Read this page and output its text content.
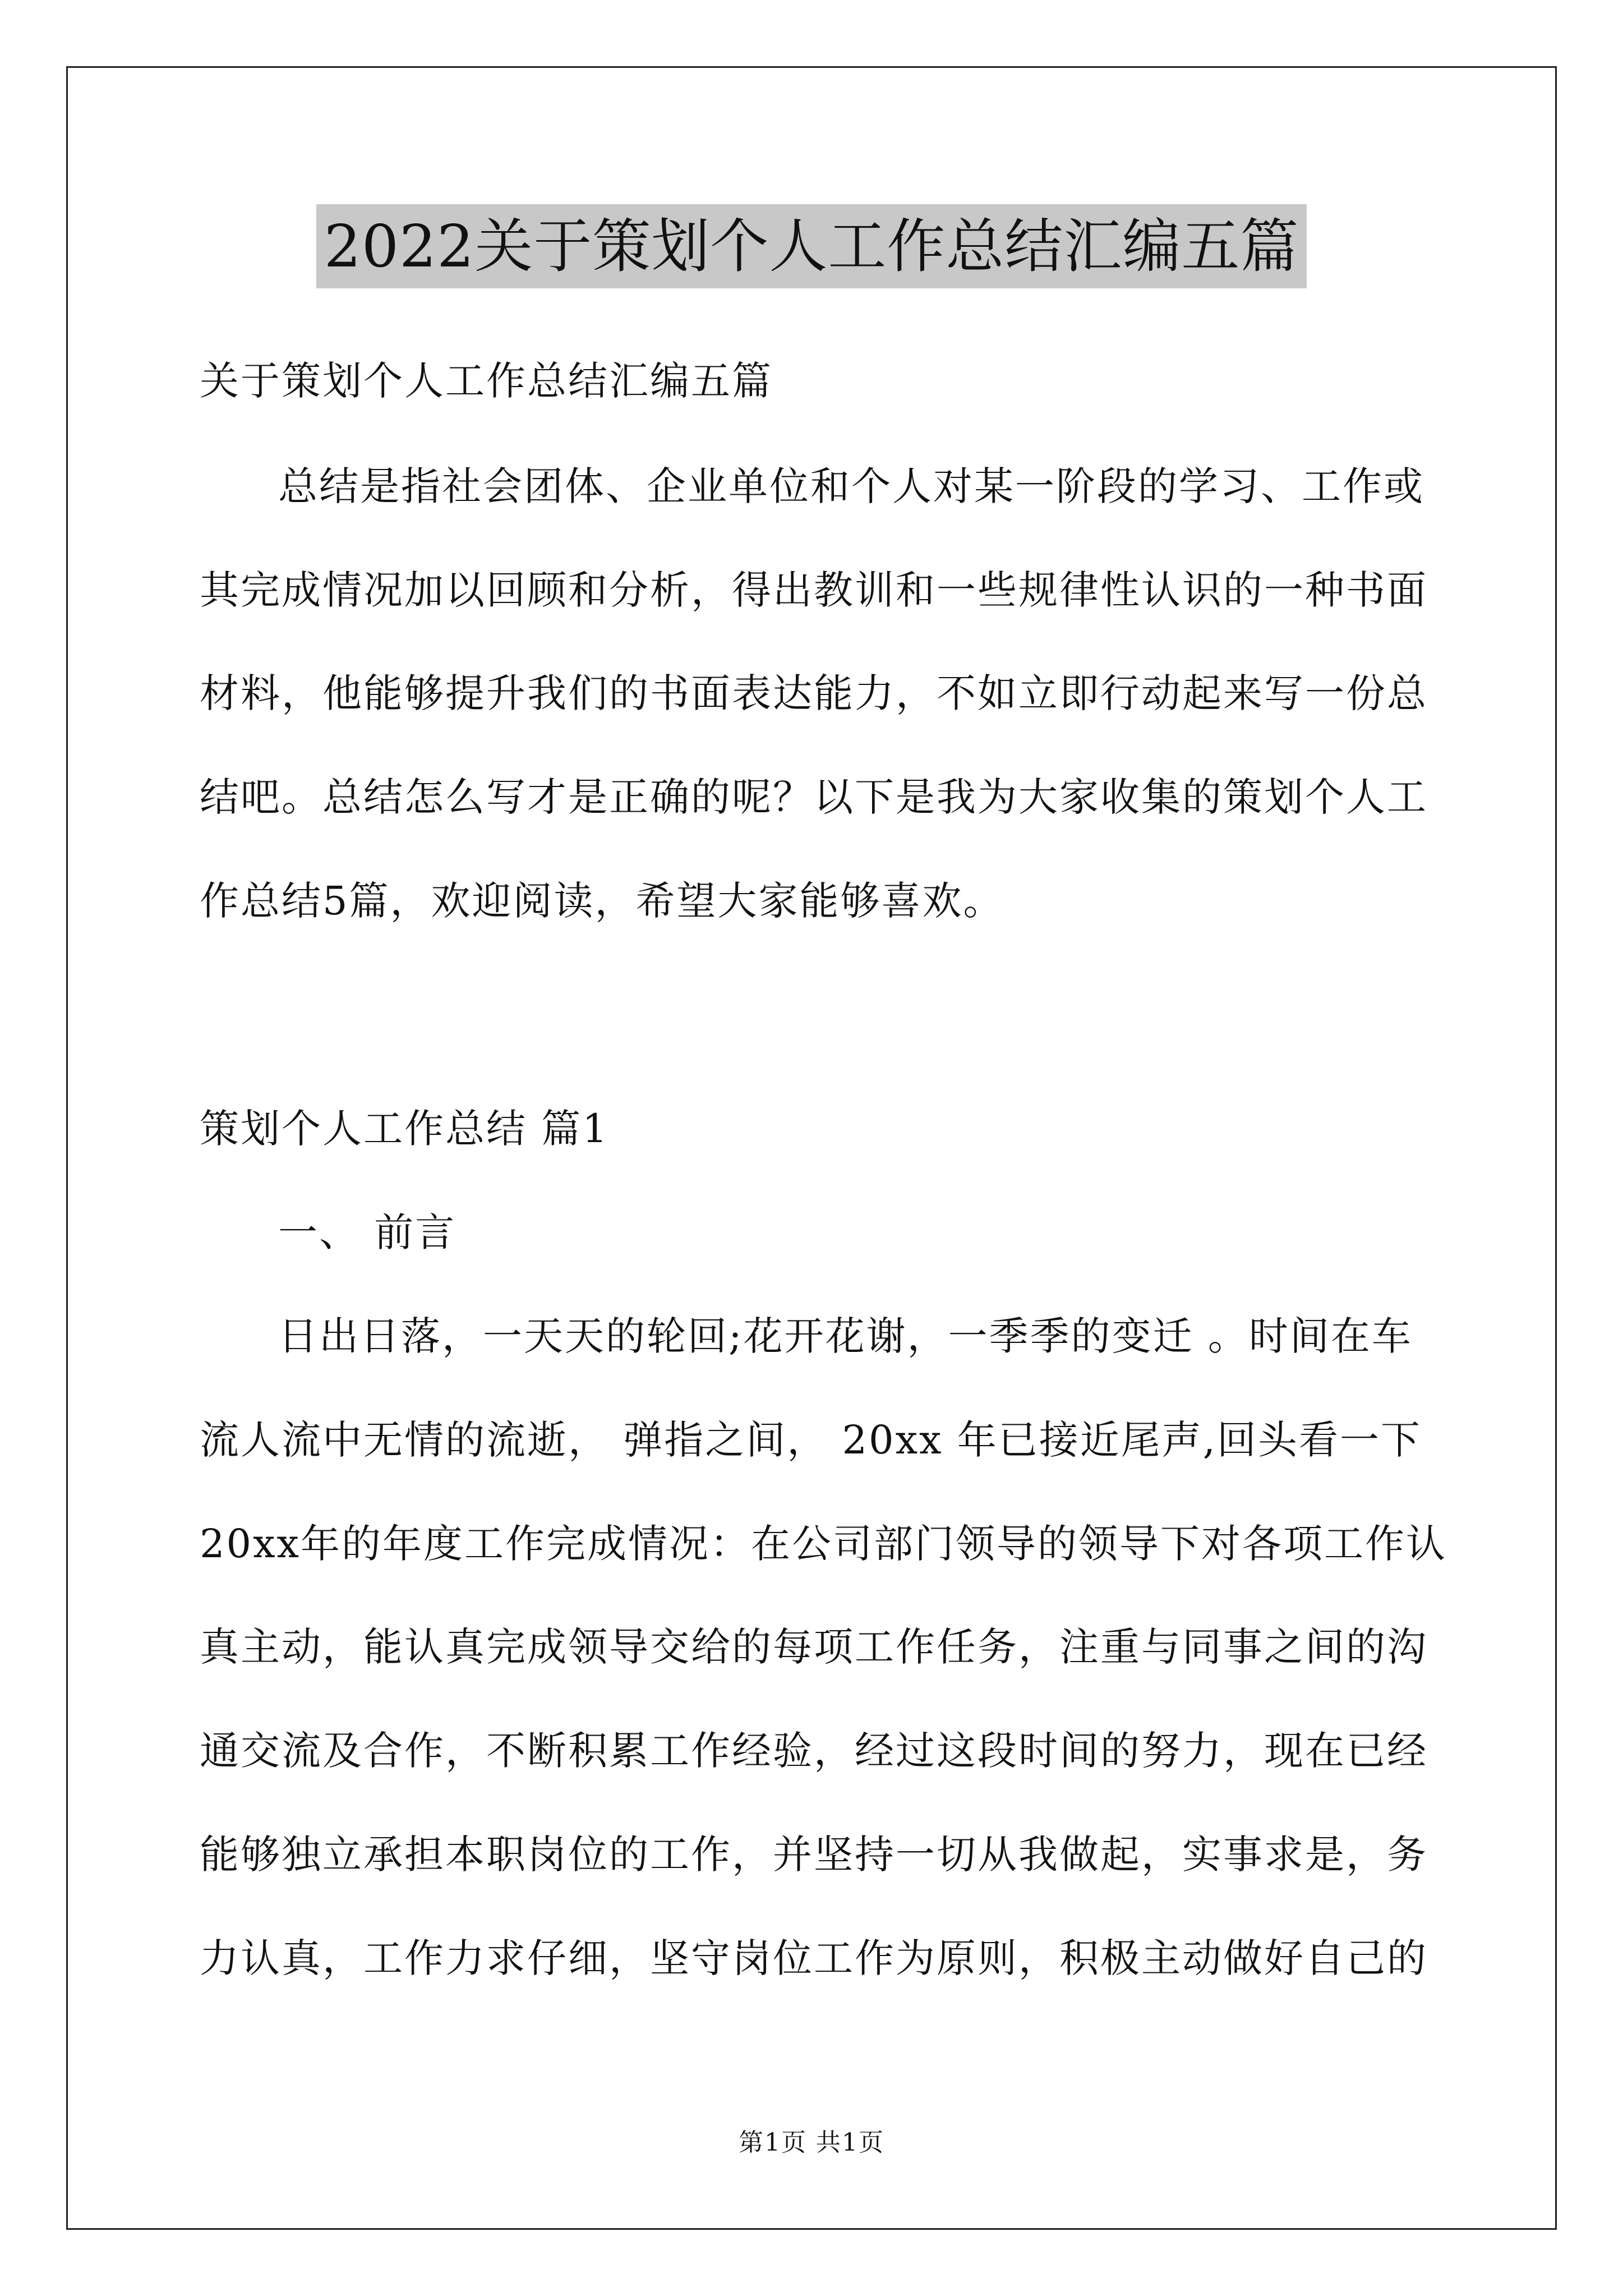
2022关于策划个人工作总结汇编五篇
关于策划个人工作总结汇编五篇
总结是指社会团体、企业单位和个人对某一阶段的学习、工作或
其完成情况加以回顾和分析，得出教训和一些规律性认识的一种书面
材料，他能够提升我们的书面表达能力，不如立即行动起来写一份总
结吧。总结怎么写才是正确的呢？以下是我为大家收集的策划个人工
作总结5篇，欢迎阅读，希望大家能够喜欢。
策划个人工作总结 篇1
一、 前言
日出日落，一天天的轮回;花开花谢，一季季的变迁 。时间在车
流人流中无情的流逝， 弹指之间， 20xx 年已接近尾声,回头看一下
20xx年的年度工作完成情况：在公司部门领导的领导下对各项工作认
真主动，能认真完成领导交给的每项工作任务，注重与同事之间的沟
通交流及合作，不断积累工作经验，经过这段时间的努力，现在已经
能够独立承担本职岗位的工作，并坚持一切从我做起，实事求是，务
力认真，工作力求仔细，坚守岗位工作为原则，积极主动做好自己的
第1页 共1页
